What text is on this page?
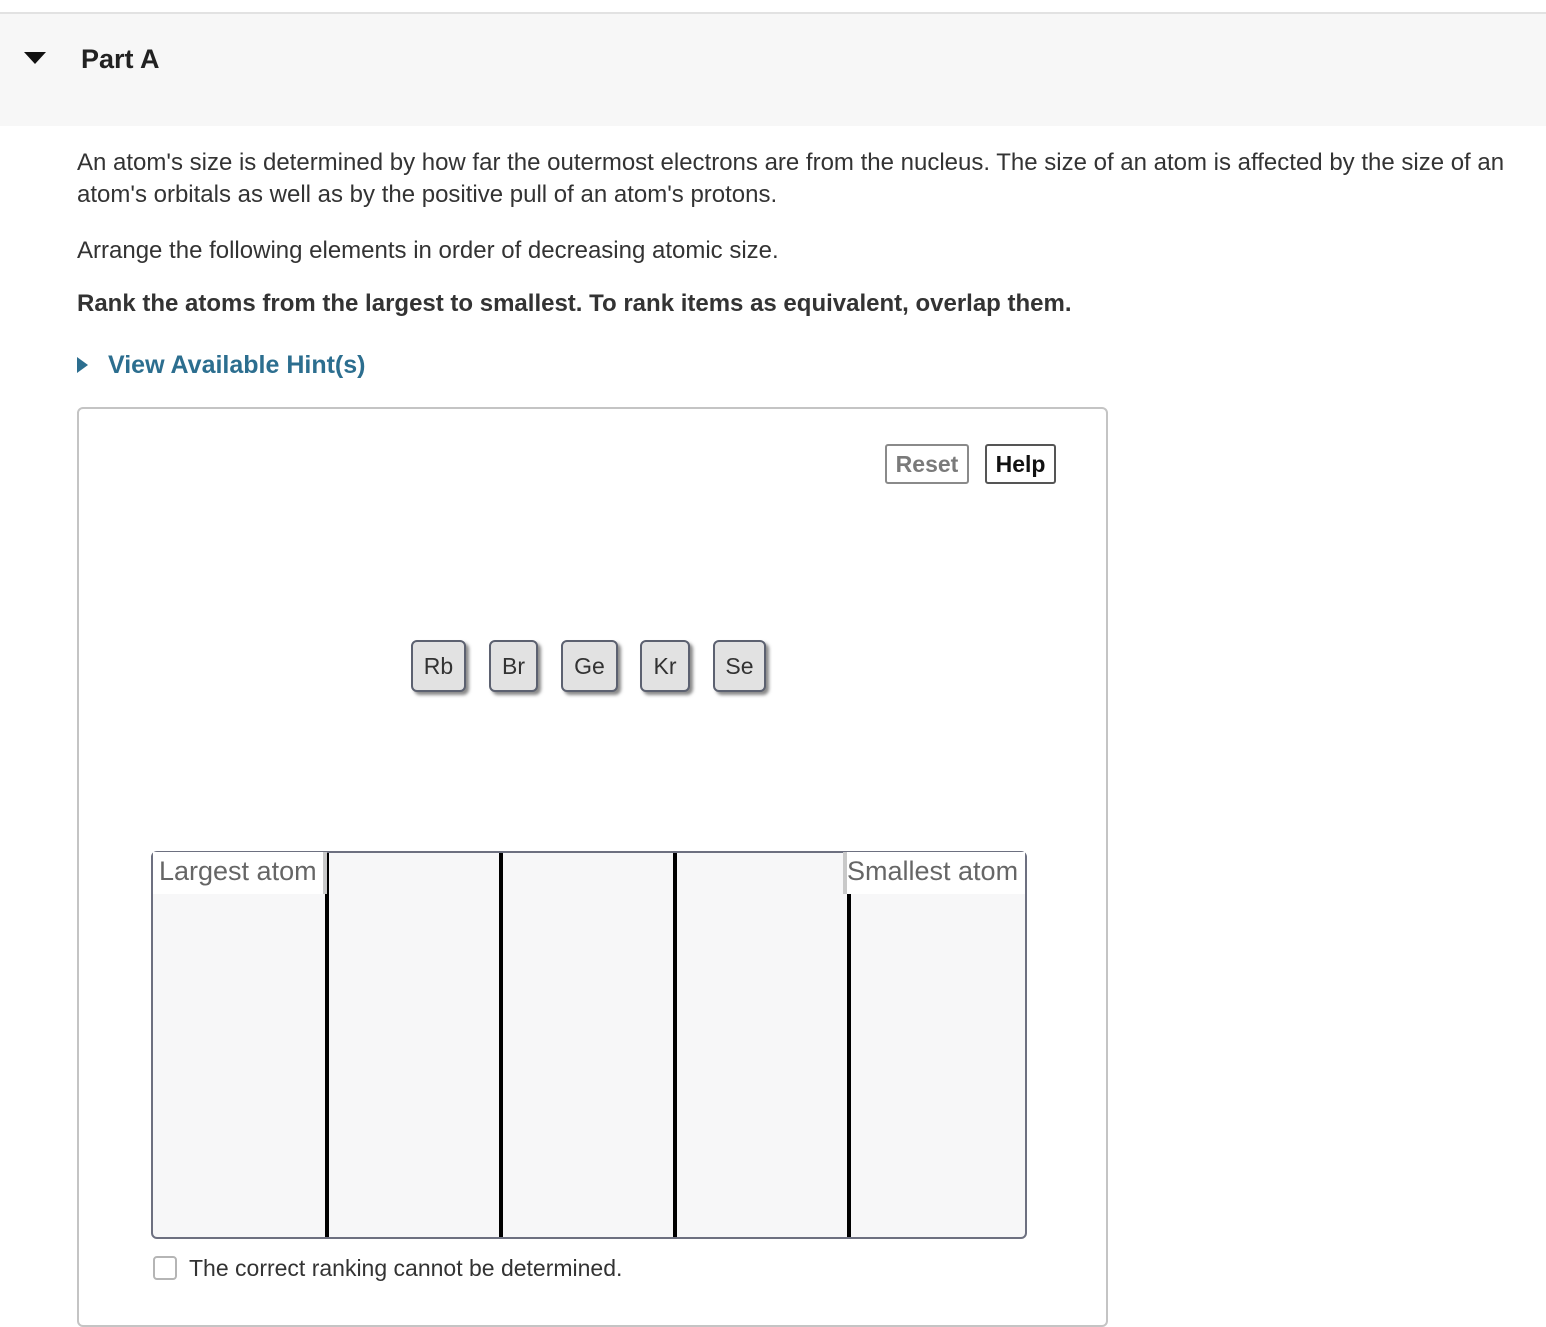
Part A

An atom's size is determined by how far the outermost electrons are from the nucleus. The size of an atom is affected by the size of an atom's orbitals as well as by the positive pull of an atom's protons.

Arrange the following elements in order of decreasing atomic size.
Rank the atoms from the largest to smallest. To rank items as equivalent, overlap them.
View Available Hint(s)
Reset	Help
Rb	Br	Ge	Kr	Se
Largest atom	Smallest atom
The correct ranking cannot be determined.
